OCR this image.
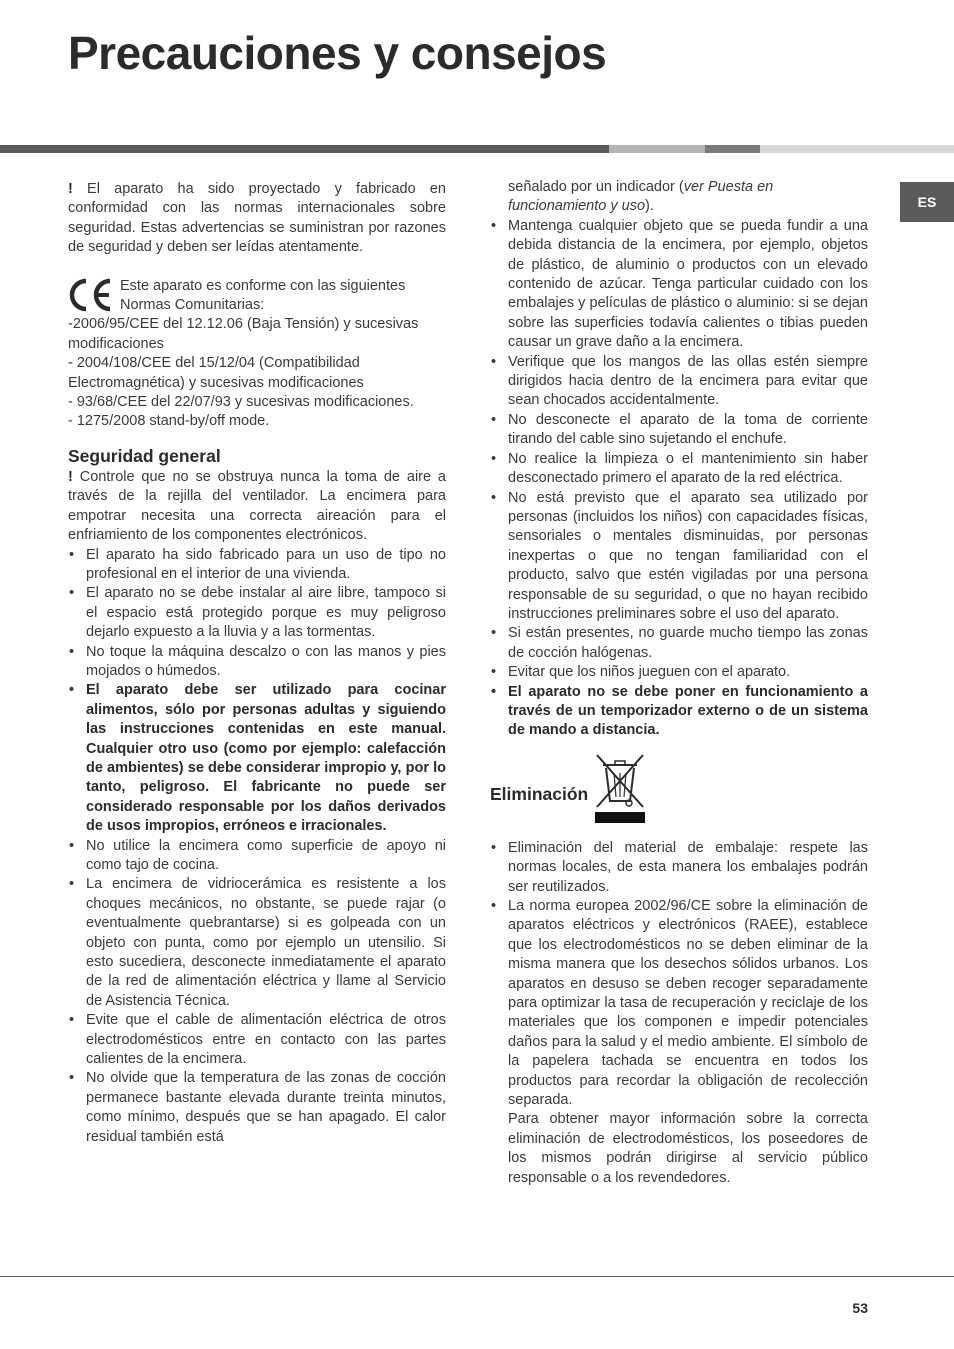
Precauciones y consejos
ES

! El aparato ha sido proyectado y fabricado en conformidad con las normas internacionales sobre seguridad. Estas advertencias se suministran por razones de seguridad y deben ser leídas atentamente.

Este aparato es conforme con las siguientes Normas Comunitarias:

-2006/95/CEE del 12.12.06 (Baja Tensión) y sucesivas modificaciones

- 2004/108/CEE del 15/12/04 (Compatibilidad Electromagnética) y sucesivas modificaciones

- 93/68/CEE del 22/07/93 y sucesivas modificaciones.

- 1275/2008 stand-by/off mode.

Seguridad general

! Controle que no se obstruya nunca la toma de aire a través de la rejilla del ventilador. La encimera para empotrar necesita una correcta aireación para el enfriamiento de los componentes electrónicos.

• El aparato ha sido fabricado para un uso de tipo no profesional en el interior de una vivienda.
• El aparato no se debe instalar al aire libre, tampoco si el espacio está protegido porque es muy peligroso dejarlo expuesto a la lluvia y a las tormentas.
• No toque la máquina descalzo o con las manos y pies mojados o húmedos.
• El aparato debe ser utilizado para cocinar alimentos, sólo por personas adultas y siguiendo las instrucciones contenidas en este manual. Cualquier otro uso (como por ejemplo: calefacción de ambientes) se debe considerar impropio y, por lo tanto, peligroso. El fabricante no puede ser considerado responsable por los daños derivados de usos impropios, erróneos e irracionales.
• No utilice la encimera como superficie de apoyo ni como tajo de cocina.
• La encimera de vidriocerámica es resistente a los choques mecánicos, no obstante, se puede rajar (o eventualmente quebrantarse) si es golpeada con un objeto con punta, como por ejemplo un utensilio. Si esto sucediera, desconecte inmediatamente el aparato de la red de alimentación eléctrica y llame al Servicio de Asistencia Técnica.
• Evite que el cable de alimentación eléctrica de otros electrodomésticos entre en contacto con las partes calientes de la encimera.
• No olvide que la temperatura de las zonas de cocción permanece bastante elevada durante treinta minutos, como mínimo, después que se han apagado. El calor residual también está

señalado por un indicador (ver Puesta en funcionamiento y uso).

• Mantenga cualquier objeto que se pueda fundir a una debida distancia de la encimera, por ejemplo, objetos de plástico, de aluminio o productos con un elevado contenido de azúcar. Tenga particular cuidado con los embalajes y películas de plástico o aluminio: si se dejan sobre las superficies todavía calientes o tibias pueden causar un grave daño a la encimera.
• Verifique que los mangos de las ollas estén siempre dirigidos hacia dentro de la encimera para evitar que sean chocados accidentalmente.
• No desconecte el aparato de la toma de corriente tirando del cable sino sujetando el enchufe.
• No realice la limpieza o el mantenimiento sin haber desconectado primero el aparato de la red eléctrica.
• No está previsto que el aparato sea utilizado por personas (incluidos los niños) con capacidades físicas, sensoriales o mentales disminuidas, por personas inexpertas o que no tengan familiaridad con el producto, salvo que estén vigiladas por una persona responsable de su seguridad, o que no hayan recibido instrucciones preliminares sobre el uso del aparato.
• Si están presentes, no guarde mucho tiempo las zonas de cocción halógenas.
• Evitar que los niños jueguen con el aparato.
• El aparato no se debe poner en funcionamiento a través de un temporizador externo o de un sistema de mando a distancia.
Eliminación
• Eliminación del material de embalaje: respete las normas locales, de esta manera los embalajes podrán ser reutilizados.
• La norma europea 2002/96/CE sobre la eliminación de aparatos eléctricos y electrónicos (RAEE), establece que los electrodomésticos no se deben eliminar de la misma manera que los desechos sólidos urbanos. Los aparatos en desuso se deben recoger separadamente para optimizar la tasa de recuperación y reciclaje de los materiales que los componen e impedir potenciales daños para la salud y el medio ambiente. El símbolo de la papelera tachada se encuentra en todos los productos para recordar la obligación de recolección separada.

Para obtener mayor información sobre la correcta eliminación de electrodomésticos, los poseedores de los mismos podrán dirigirse al servicio público responsable o a los revendedores.

53
